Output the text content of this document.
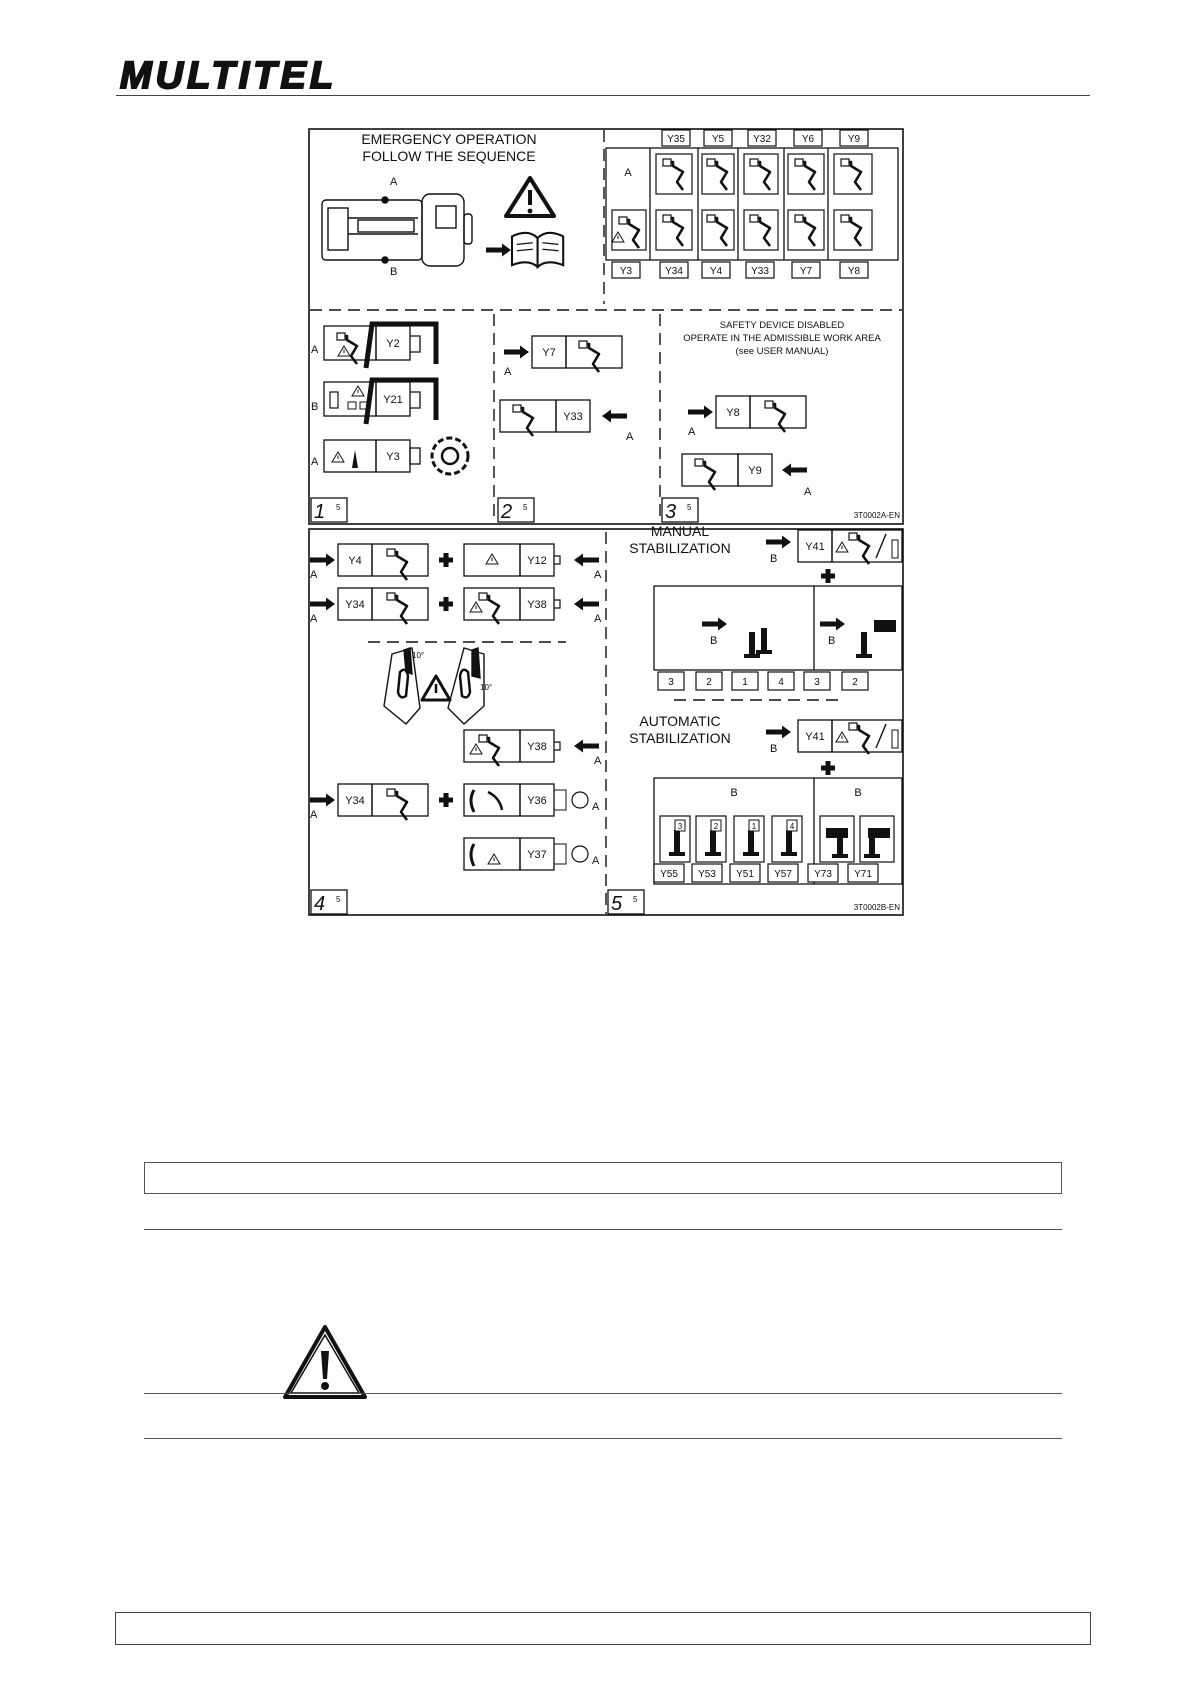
MULTITEL
EMERGENCY OPERATION
FOLLOW THE SEQUENCE
A
B
A
Y35	Y5	Y32	Y6	Y9
Y3	Y34	Y4	Y33	Y7	Y8
A	Y2
B
Y21
A	Y3
1 5
A
Y7
Y33
A
2 5
SAFETY DEVICE DISABLED
OPERATE IN THE ADMISSIBLE WORK AREA
(see USER MANUAL)
A
Y8
Y9
A
3 5
3T0002A-EN
A
Y4	Y12
A
A
Y34	Y38
A
10°
10°
Y38
A
A
Y34	Y36	A
Y37	A
4 5
MANUAL
STABILIZATION
B
Y41
B	B
3	2	1	4	3	2
AUTOMATIC
STABILIZATION
B
Y41
B	B
3	2	1	4
Y55 Y53 Y51 Y57 Y73 Y71
5 5
3T0002B-EN
